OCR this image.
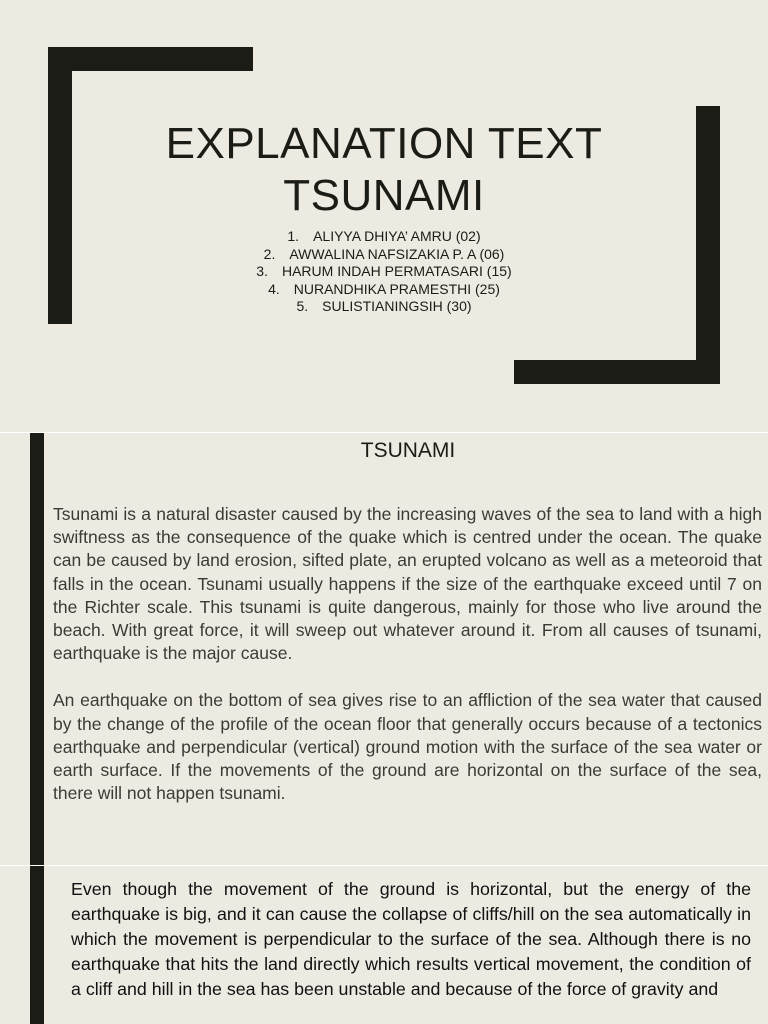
EXPLANATION TEXT
TSUNAMI
1. ALIYYA DHIYA’ AMRU (02)
2. AWWALINA NAFSIZAKIA P. A (06)
3. HARUM INDAH PERMATASARI (15)
4. NURANDHIKA PRAMESTHI (25)
5. SULISTIANINGSIH (30)
TSUNAMI

Tsunami is a natural disaster caused by the increasing waves of the sea to land with a high swiftness as the consequence of the quake which is centred under the ocean. The quake can be caused by land erosion, sifted plate, an erupted volcano as well as a meteoroid that falls in the ocean. Tsunami usually happens if the size of the earthquake exceed until 7 on the Richter scale. This tsunami is quite dangerous, mainly for those who live around the beach. With great force, it will sweep out whatever around it. From all causes of tsunami, earthquake is the major cause.

An earthquake on the bottom of sea gives rise to an affliction of the sea water that caused by the change of the profile of the ocean floor that generally occurs because of a tectonics earthquake and perpendicular (vertical) ground motion with the surface of the sea water or earth surface. If the movements of the ground are horizontal on the surface of the sea, there will not happen tsunami.

Even though the movement of the ground is horizontal, but the energy of the earthquake is big, and it can cause the collapse of cliffs/hill on the sea automatically in which the movement is perpendicular to the surface of the sea. Although there is no earthquake that hits the land directly which results vertical movement, the condition of a cliff and hill in the sea has been unstable and because of the force of gravity and
